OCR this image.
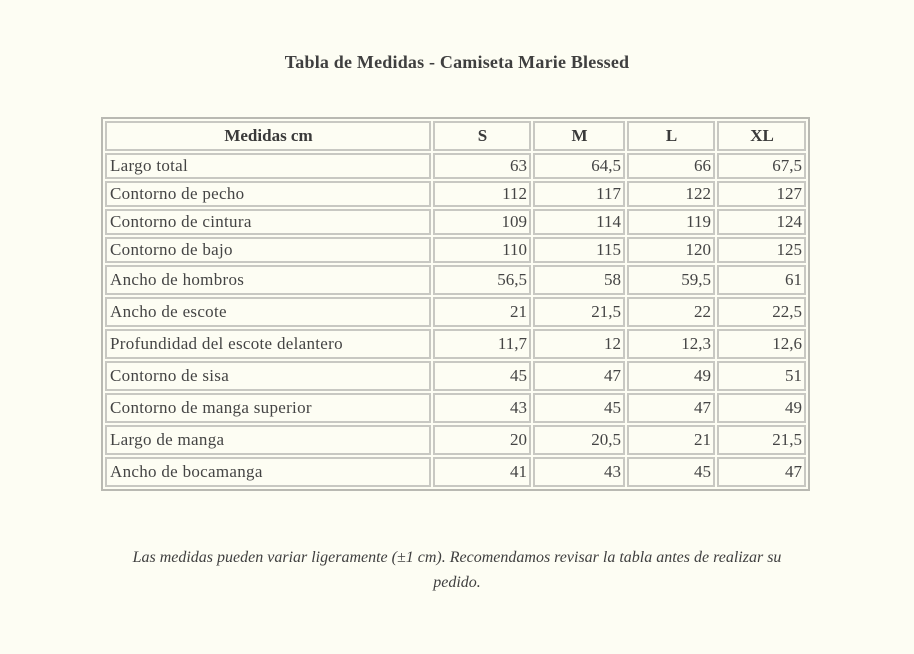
Tabla de Medidas - Camiseta Marie Blessed
Medidas cm	S	M	L	XL
Largo total	63	64,5	66	67,5
Contorno de pecho	112	117	122	127
Contorno de cintura	109	114	119	124
Contorno de bajo	110	115	120	125
Ancho de hombros	56,5	58	59,5	61
Ancho de escote	21	21,5	22	22,5
Profundidad del escote delantero	11,7	12	12,3	12,6
Contorno de sisa	45	47	49	51
Contorno de manga superior	43	45	47	49
Largo de manga	20	20,5	21	21,5
Ancho de bocamanga	41	43	45	47
Las medidas pueden variar ligeramente (±1 cm). Recomendamos revisar la tabla antes de realizar su pedido.
